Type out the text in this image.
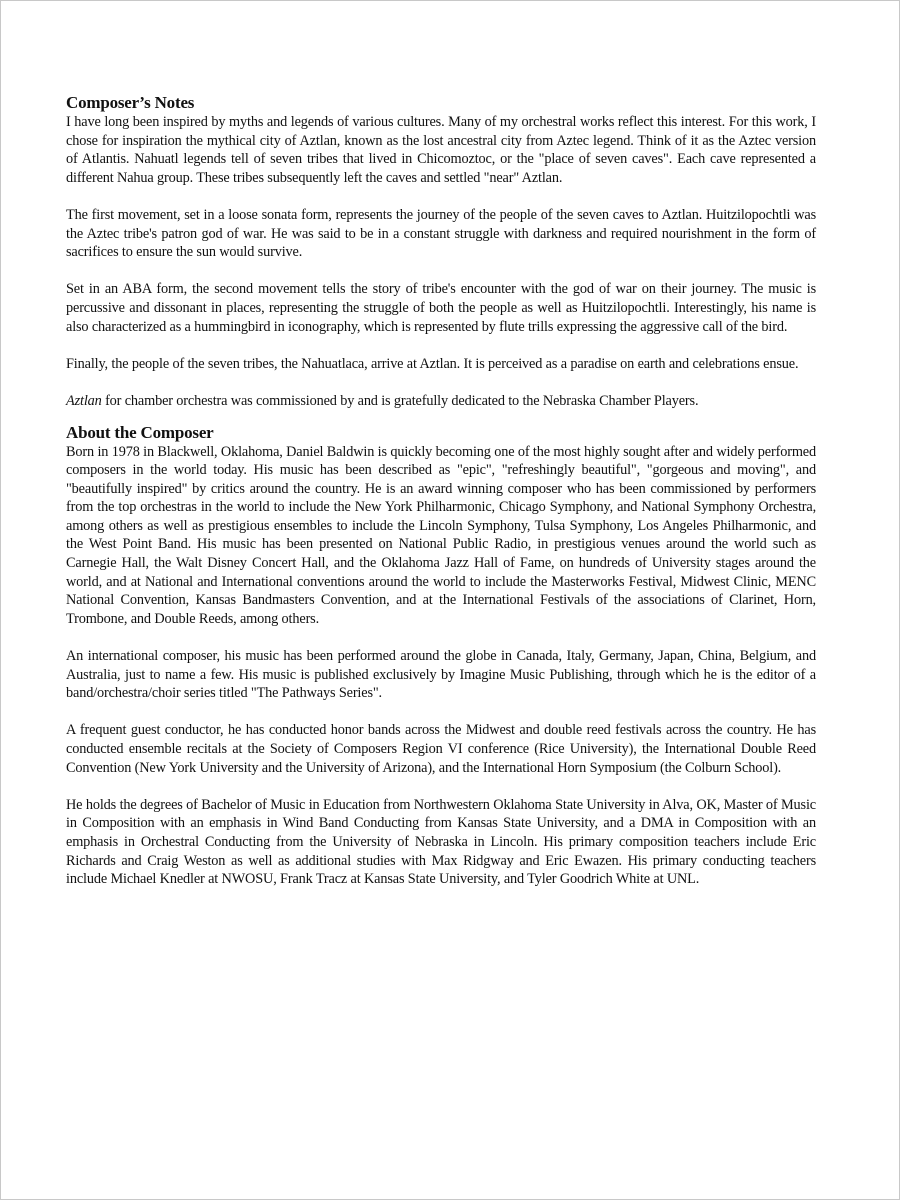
Composer’s Notes

I have long been inspired by myths and legends of various cultures. Many of my orchestral works reflect this interest. For this work, I chose for inspiration the mythical city of Aztlan, known as the lost ancestral city from Aztec legend. Think of it as the Aztec version of Atlantis. Nahuatl legends tell of seven tribes that lived in Chicomoztoc, or the "place of seven caves". Each cave represented a different Nahua group. These tribes subsequently left the caves and settled "near" Aztlan.

The first movement, set in a loose sonata form, represents the journey of the people of the seven caves to Aztlan. Huitzilopochtli was the Aztec tribe's patron god of war. He was said to be in a constant struggle with darkness and required nourishment in the form of sacrifices to ensure the sun would survive.

Set in an ABA form, the second movement tells the story of tribe's encounter with the god of war on their journey. The music is percussive and dissonant in places, representing the struggle of both the people as well as Huitzilopochtli. Interestingly, his name is also characterized as a hummingbird in iconography, which is represented by flute trills expressing the aggressive call of the bird.

Finally, the people of the seven tribes, the Nahuatlaca, arrive at Aztlan. It is perceived as a paradise on earth and celebrations ensue.

Aztlan for chamber orchestra was commissioned by and is gratefully dedicated to the Nebraska Chamber Players.

About the Composer

Born in 1978 in Blackwell, Oklahoma, Daniel Baldwin is quickly becoming one of the most highly sought after and widely performed composers in the world today. His music has been described as "epic", "refreshingly beautiful", "gorgeous and moving", and "beautifully inspired" by critics around the country. He is an award winning composer who has been commissioned by performers from the top orchestras in the world to include the New York Philharmonic, Chicago Symphony, and National Symphony Orchestra, among others as well as prestigious ensembles to include the Lincoln Symphony, Tulsa Symphony, Los Angeles Philharmonic, and the West Point Band. His music has been presented on National Public Radio, in prestigious venues around the world such as Carnegie Hall, the Walt Disney Concert Hall, and the Oklahoma Jazz Hall of Fame, on hundreds of University stages around the world, and at National and International conventions around the world to include the Masterworks Festival, Midwest Clinic, MENC National Convention, Kansas Bandmasters Convention, and at the International Festivals of the associations of Clarinet, Horn, Trombone, and Double Reeds, among others.

An international composer, his music has been performed around the globe in Canada, Italy, Germany, Japan, China, Belgium, and Australia, just to name a few. His music is published exclusively by Imagine Music Publishing, through which he is the editor of a band/orchestra/choir series titled "The Pathways Series".

A frequent guest conductor, he has conducted honor bands across the Midwest and double reed festivals across the country. He has conducted ensemble recitals at the Society of Composers Region VI conference (Rice University), the International Double Reed Convention (New York University and the University of Arizona), and the International Horn Symposium (the Colburn School).

He holds the degrees of Bachelor of Music in Education from Northwestern Oklahoma State University in Alva, OK, Master of Music in Composition with an emphasis in Wind Band Conducting from Kansas State University, and a DMA in Composition with an emphasis in Orchestral Conducting from the University of Nebraska in Lincoln. His primary composition teachers include Eric Richards and Craig Weston as well as additional studies with Max Ridgway and Eric Ewazen. His primary conducting teachers include Michael Knedler at NWOSU, Frank Tracz at Kansas State University, and Tyler Goodrich White at UNL.
